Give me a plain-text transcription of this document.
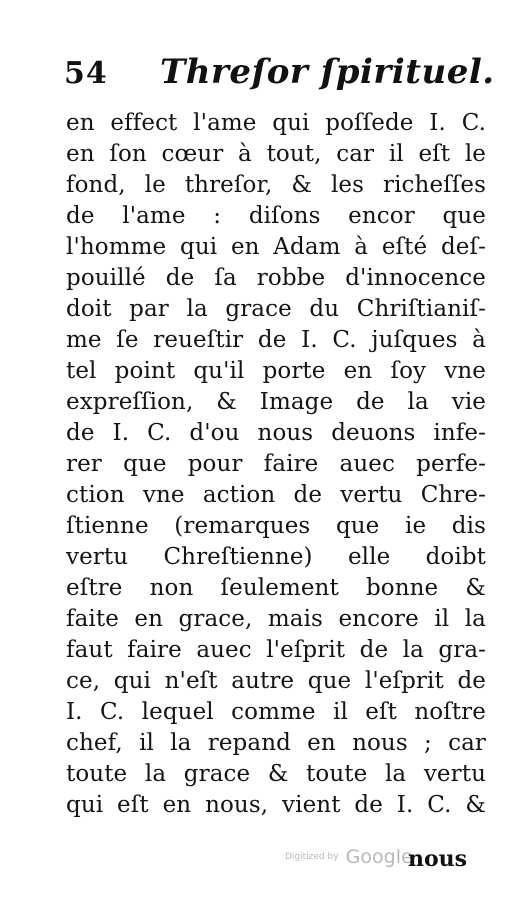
54 Threſor ſpirituel.
en effect l'ame qui poſſede I. C.
en ſon cœur à tout, car il eſt le
fond, le threſor, & les richeſſes
de l'ame : diſons encor que
l'homme qui en Adam à eſté deſ-
pouillé de ſa robbe d'innocence
doit par la grace du Chriſtianiſ-
me ſe reueſtir de I. C. juſques à
tel point qu'il porte en ſoy vne
expreſſion, & Image de la vie
de I. C. d'ou nous deuons infe-
rer que pour faire auec perfe-
ction vne action de vertu Chre-
ſtienne (remarques que ie dis
vertu Chreſtienne) elle doibt
eſtre non ſeulement bonne &
faite en grace, mais encore il la
faut faire auec l'eſprit de la gra-
ce, qui n'eſt autre que l'eſprit de
I. C. lequel comme il eſt noſtre
chef, il la repand en nous ; car
toute la grace & toute la vertu
qui eſt en nous, vient de I. C. &
Digitized by Google
nous
